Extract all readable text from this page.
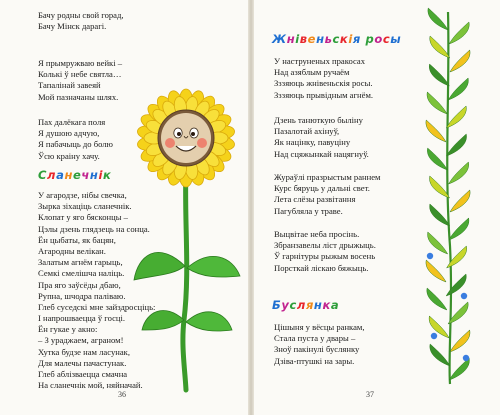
Бачу родны свой горад,
Бачу Мінск дарагі.
Я прымружваю вейкі –
Колькі ў небе святла…
Тапалінай завеяй
Мой пазначаны шлях.
Пах далёкага поля
Я душою адчую,
Я пабачыць до болю
Ўсю краіну хачу.
Сланечнік
У агародзе, нібы свечка,
Зырка зіхаціць сланечнік.
Клопат у яго бясконцы –
Цэлы дзень глядзець на сонца.
Ён цыбаты, як бацян,
Агародны велікан.
Залатым агнём гарыць,
Семкі смелішча наліць.
Пра яго заўсёды дбаю,
Рупна, шчодра паліваю.
Глеб суседскі мне зайздросціць:
І напрошваецца ў госці.
Ён гукае у акно:
– З ураджаем, аграном!
Хутка будзе нам ласунак,
Для малечы пачастунак.
Глеб аблізваецца смачна
На сланечнік мой, няйначай.
36
Жнівеньскія росы
У наструненых пракосах
Над азяблым ручаём
Зззяюць жнівеньскія росы.
Зззяюць прывідным агнём.
Дзень танюткую быліну
Пазалотай ахінуў,
Як націнку, павуціну
Над сцяжынкай нацягнуў.
Жураўлі празрыстым раннем
Курс бяруць у дальні свет.
Лета слёзы развітання
Пагубляла у траве.
Выцвітае неба просінь.
Збранзавелы ліст дрыжыць.
Ў гарнітуры рыжым восень
Порсткай ліскаю бяжыць.
Буслянка
Цішыня у вёсцы ранкам,
Стала пуста у двары –
Зноў пакінулі буслянку
Дзіва-птушкі на зары.
37
